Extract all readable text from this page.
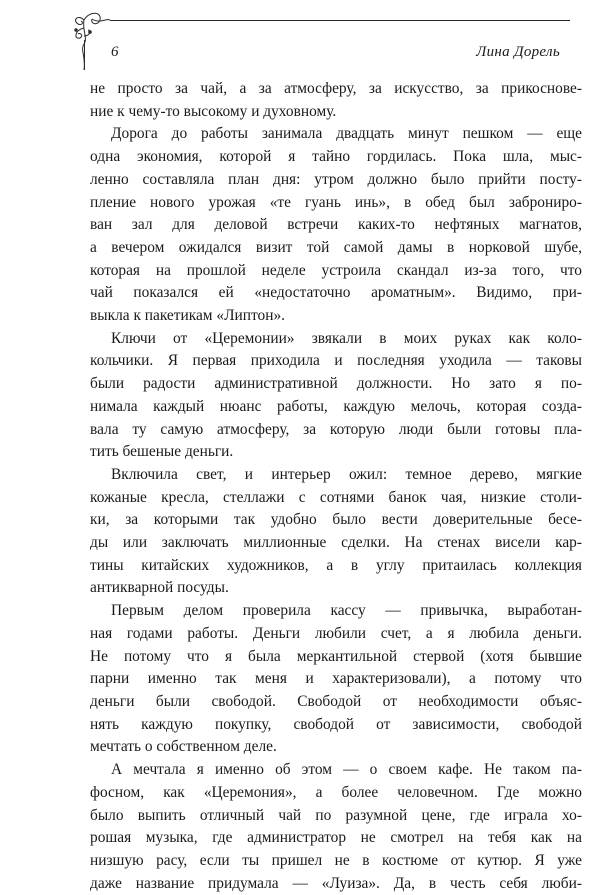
6	Лина Дорель
не просто за чай, а за атмосферу, за искусство, за прикоснове-
ние к чему-то высокому и духовному.
Дорога до работы занимала двадцать минут пешком — еще
одна экономия, которой я тайно гордилась. Пока шла, мыс-
ленно составляла план дня: утром должно было прийти посту-
пление нового урожая «те гуань инь», в обед был заброниро-
ван зал для деловой встречи каких-то нефтяных магнатов,
а вечером ожидался визит той самой дамы в норковой шубе,
которая на прошлой неделе устроила скандал из-за того, что
чай показался ей «недостаточно ароматным». Видимо, при-
выкла к пакетикам «Липтон».
Ключи от «Церемонии» звякали в моих руках как коло-
кольчики. Я первая приходила и последняя уходила — таковы
были радости административной должности. Но зато я по-
нимала каждый нюанс работы, каждую мелочь, которая созда-
вала ту самую атмосферу, за которую люди были готовы пла-
тить бешеные деньги.
Включила свет, и интерьер ожил: темное дерево, мягкие
кожаные кресла, стеллажи с сотнями банок чая, низкие столи-
ки, за которыми так удобно было вести доверительные бесе-
ды или заключать миллионные сделки. На стенах висели кар-
тины китайских художников, а в углу притаилась коллекция
антикварной посуды.
Первым делом проверила кассу — привычка, выработан-
ная годами работы. Деньги любили счет, а я любила деньги.
Не потому что я была меркантильной стервой (хотя бывшие
парни именно так меня и характеризовали), а потому что
деньги были свободой. Свободой от необходимости объяс-
нять каждую покупку, свободой от зависимости, свободой
мечтать о собственном деле.
А мечтала я именно об этом — о своем кафе. Не таком па-
фосном, как «Церемония», а более человечном. Где можно
было выпить отличный чай по разумной цене, где играла хо-
рошая музыка, где администратор не смотрел на тебя как на
низшую расу, если ты пришел не в костюме от кутюр. Я уже
даже название придумала — «Луиза». Да, в честь себя люби-
